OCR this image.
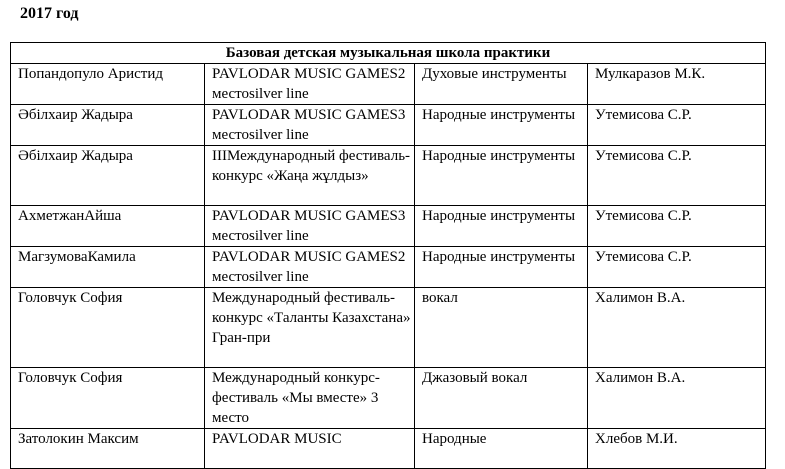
2017 год
Базовая детская музыкальная школа практики			

Попандопуло Аристид	PAVLODAR MUSIC GAMES2 местоsilver line	Духовые инструменты	Мулкаразов М.К.

Әбілхаир Жадыра	PAVLODAR MUSIC GAMES3 местоsilver line	Народные инструменты	Утемисова С.Р.

Әбілхаир Жадыра	IIIМеждународный фестиваль-конкурс «Жаңа жұлдыз»	Народные инструменты	Утемисова С.Р.

АхметжанАйша	PAVLODAR MUSIC GAMES3 местоsilver line	Народные инструменты	Утемисова С.Р.

МагзумоваКамила	PAVLODAR MUSIC GAMES2 местоsilver line	Народные инструменты	Утемисова С.Р.

Головчук София	Международный фестиваль-конкурс «Таланты Казахстана» Гран-при	вокал	Халимон В.А.

Головчук София	Международный конкурс-фестиваль «Мы вместе» 3 место	Джазовый вокал	Халимон В.А.

Затолокин Максим	PAVLODAR MUSIC	Народные	Хлебов М.И.
